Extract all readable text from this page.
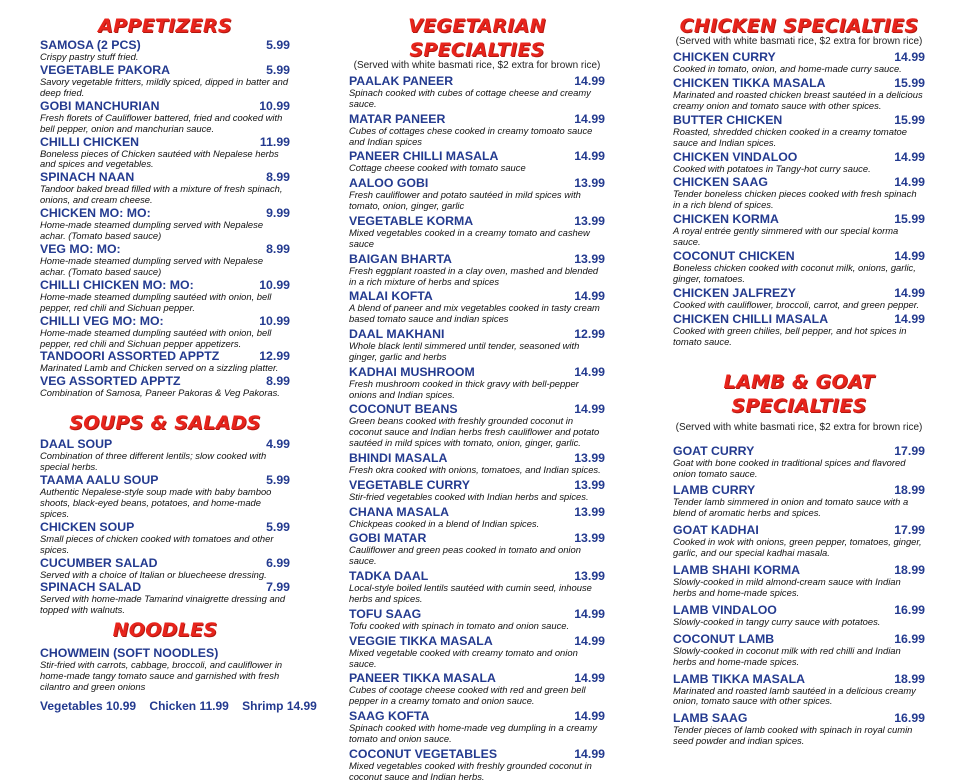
APPETIZERS
SAMOSA (2 PCS)	5.99
Crispy pastry stuff fried.
VEGETABLE PAKORA	5.99
Savory vegetable fritters, mildly spiced, dipped in batter and deep fried.
GOBI MANCHURIAN	10.99
Fresh florets of Cauliflower battered, fried and cooked with bell pepper, onion and manchurian sauce.
CHILLI CHICKEN	11.99
Boneless pieces of Chicken sautéed with Nepalese herbs and spices and vegetables.
SPINACH NAAN	8.99
Tandoor baked bread filled with a mixture of fresh spinach, onions, and cream cheese.
CHICKEN MO: MO:	9.99
Home-made steamed dumpling served with Nepalese achar. (Tomato based sauce)
VEG MO: MO:	8.99
Home-made steamed dumpling served with Nepalese achar. (Tomato based sauce)
CHILLI CHICKEN MO: MO:	10.99
Home-made steamed dumpling sautéed with onion, bell pepper, red chili and Sichuan pepper.
CHILLI VEG MO: MO:	10.99
Home-made steamed dumpling sautéed with onion, bell pepper, red chili and Sichuan pepper appetizers.
TANDOORI ASSORTED APPTZ	12.99
Marinated Lamb and Chicken served on a sizzling platter.
VEG ASSORTED APPTZ	8.99
Combination of Samosa, Paneer Pakoras & Veg Pakoras.
SOUPS & SALADS
DAAL SOUP	4.99
Combination of three different lentils; slow cooked with special herbs.
TAAMA AALU SOUP	5.99
Authentic Nepalese-style soup made with baby bamboo shoots, black-eyed beans, potatoes, and home-made spices.
CHICKEN SOUP	5.99
Small pieces of chicken cooked with tomatoes and other spices.
CUCUMBER SALAD	6.99
Served with a choice of Italian or bluecheese dressing.
SPINACH SALAD	7.99
Served with home-made Tamarind vinaigrette dressing and topped with walnuts.
NOODLES
CHOWMEIN (SOFT NOODLES)
Stir-fried with carrots, cabbage, broccoli, and cauliflower in home-made tangy tomato sauce and garnished with fresh cilantro and green onions
Vegetables 10.99 Chicken 11.99 Shrimp 14.99
VEGETARIAN SPECIALTIES
(Served with white basmati rice, $2 extra for brown rice)
PAALAK PANEER	14.99
Spinach cooked with cubes of cottage cheese and creamy sauce.
MATAR PANEER	14.99
Cubes of cottages chese cooked in creamy tomoato sauce and Indian spices
PANEER CHILLI MASALA	14.99
Cottage cheese cooked with tomato sauce
AALOO GOBI	13.99
Fresh cauliflower and potato sautéed in mild spices with tomato, onion, ginger, garlic
VEGETABLE KORMA	13.99
Mixed vegetables cooked in a creamy tomato and cashew sauce
BAIGAN BHARTA	13.99
Fresh eggplant roasted in a clay oven, mashed and blended in a rich mixture of herbs and spices
MALAI KOFTA	14.99
A blend of paneer and mix vegetables cooked in tasty cream based tomato sauce and indian spices
DAAL MAKHANI	12.99
Whole black lentil simmered until tender, seasoned with ginger, garlic and herbs
KADHAI MUSHROOM	14.99
Fresh mushroom cooked in thick gravy with bell-pepper onions and Indian spices.
COCONUT BEANS	14.99
Green beans cooked with freshly grounded coconut in coconut sauce and Indian herbs fresh cauliflower and potato sautéed in mild spices with tomato, onion, ginger, garlic.
BHINDI MASALA	13.99
Fresh okra cooked with onions, tomatoes, and Indian spices.
VEGETABLE CURRY	13.99
Stir-fried vegetables cooked with Indian herbs and spices.
CHANA MASALA	13.99
Chickpeas cooked in a blend of Indian spices.
GOBI MATAR	13.99
Cauliflower and green peas cooked in tomato and onion sauce.
TADKA DAAL	13.99
Local-style boiled lentils sautéed with cumin seed, inhouse herbs and spices.
TOFU SAAG	14.99
Tofu cooked with spinach in tomato and onion sauce.
VEGGIE TIKKA MASALA	14.99
Mixed vegetable cooked with creamy tomato and onion sauce.
PANEER TIKKA MASALA	14.99
Cubes of cootage cheese cooked with red and green bell pepper in a creamy tomato and onion sauce.
SAAG KOFTA	14.99
Spinach cooked with home-made veg dumpling in a creamy tomato and onion sauce.
COCONUT VEGETABLES	14.99
Mixed vegetables cooked with freshly grounded coconut in coconut sauce and Indian herbs.
CHICKEN SPECIALTIES
(Served with white basmati rice, $2 extra for brown rice)
CHICKEN CURRY	14.99
Cooked in tomato, onion, and home-made curry sauce.
CHICKEN TIKKA MASALA	15.99
Marinated and roasted chicken breast sautéed in a delicious creamy onion and tomato sauce with other spices.
BUTTER CHICKEN	15.99
Roasted, shredded chicken cooked in a creamy tomatoe sauce and Indian spices.
CHICKEN VINDALOO	14.99
Cooked with potatoes in Tangy-hot curry sauce.
CHICKEN SAAG	14.99
Tender boneless chicken pieces cooked with fresh spinach in a rich blend of spices.
CHICKEN KORMA	15.99
A royal entrée gently simmered with our special korma sauce.
COCONUT CHICKEN	14.99
Boneless chicken cooked with coconut milk, onions, garlic, ginger, tomatoes.
CHICKEN JALFREZY	14.99
Cooked with cauliflower, broccoli, carrot, and green pepper.
CHICKEN CHILLI MASALA	14.99
Cooked with green chilies, bell pepper, and hot spices in tomato sauce.
LAMB & GOAT SPECIALTIES
(Served with white basmati rice, $2 extra for brown rice)
GOAT CURRY	17.99
Goat with bone cooked in traditional spices and flavored onion tomato sauce.
LAMB CURRY	18.99
Tender lamb simmered in onion and tomato sauce with a blend of aromatic herbs and spices.
GOAT KADHAI	17.99
Cooked in wok with onions, green pepper, tomatoes, ginger, garlic, and our special kadhai masala.
LAMB SHAHI KORMA	18.99
Slowly-cooked in mild almond-cream sauce with Indian herbs and home-made spices.
LAMB VINDALOO	16.99
Slowly-cooked in tangy curry sauce with potatoes.
COCONUT LAMB	16.99
Slowly-cooked in coconut milk with red chilli and Indian herbs and home-made spices.
LAMB TIKKA MASALA	18.99
Marinated and roasted lamb sautéed in a delicious creamy onion, tomato sauce with other spices.
LAMB SAAG	16.99
Tender pieces of lamb cooked with spinach in royal cumin seed powder and indian spices.
